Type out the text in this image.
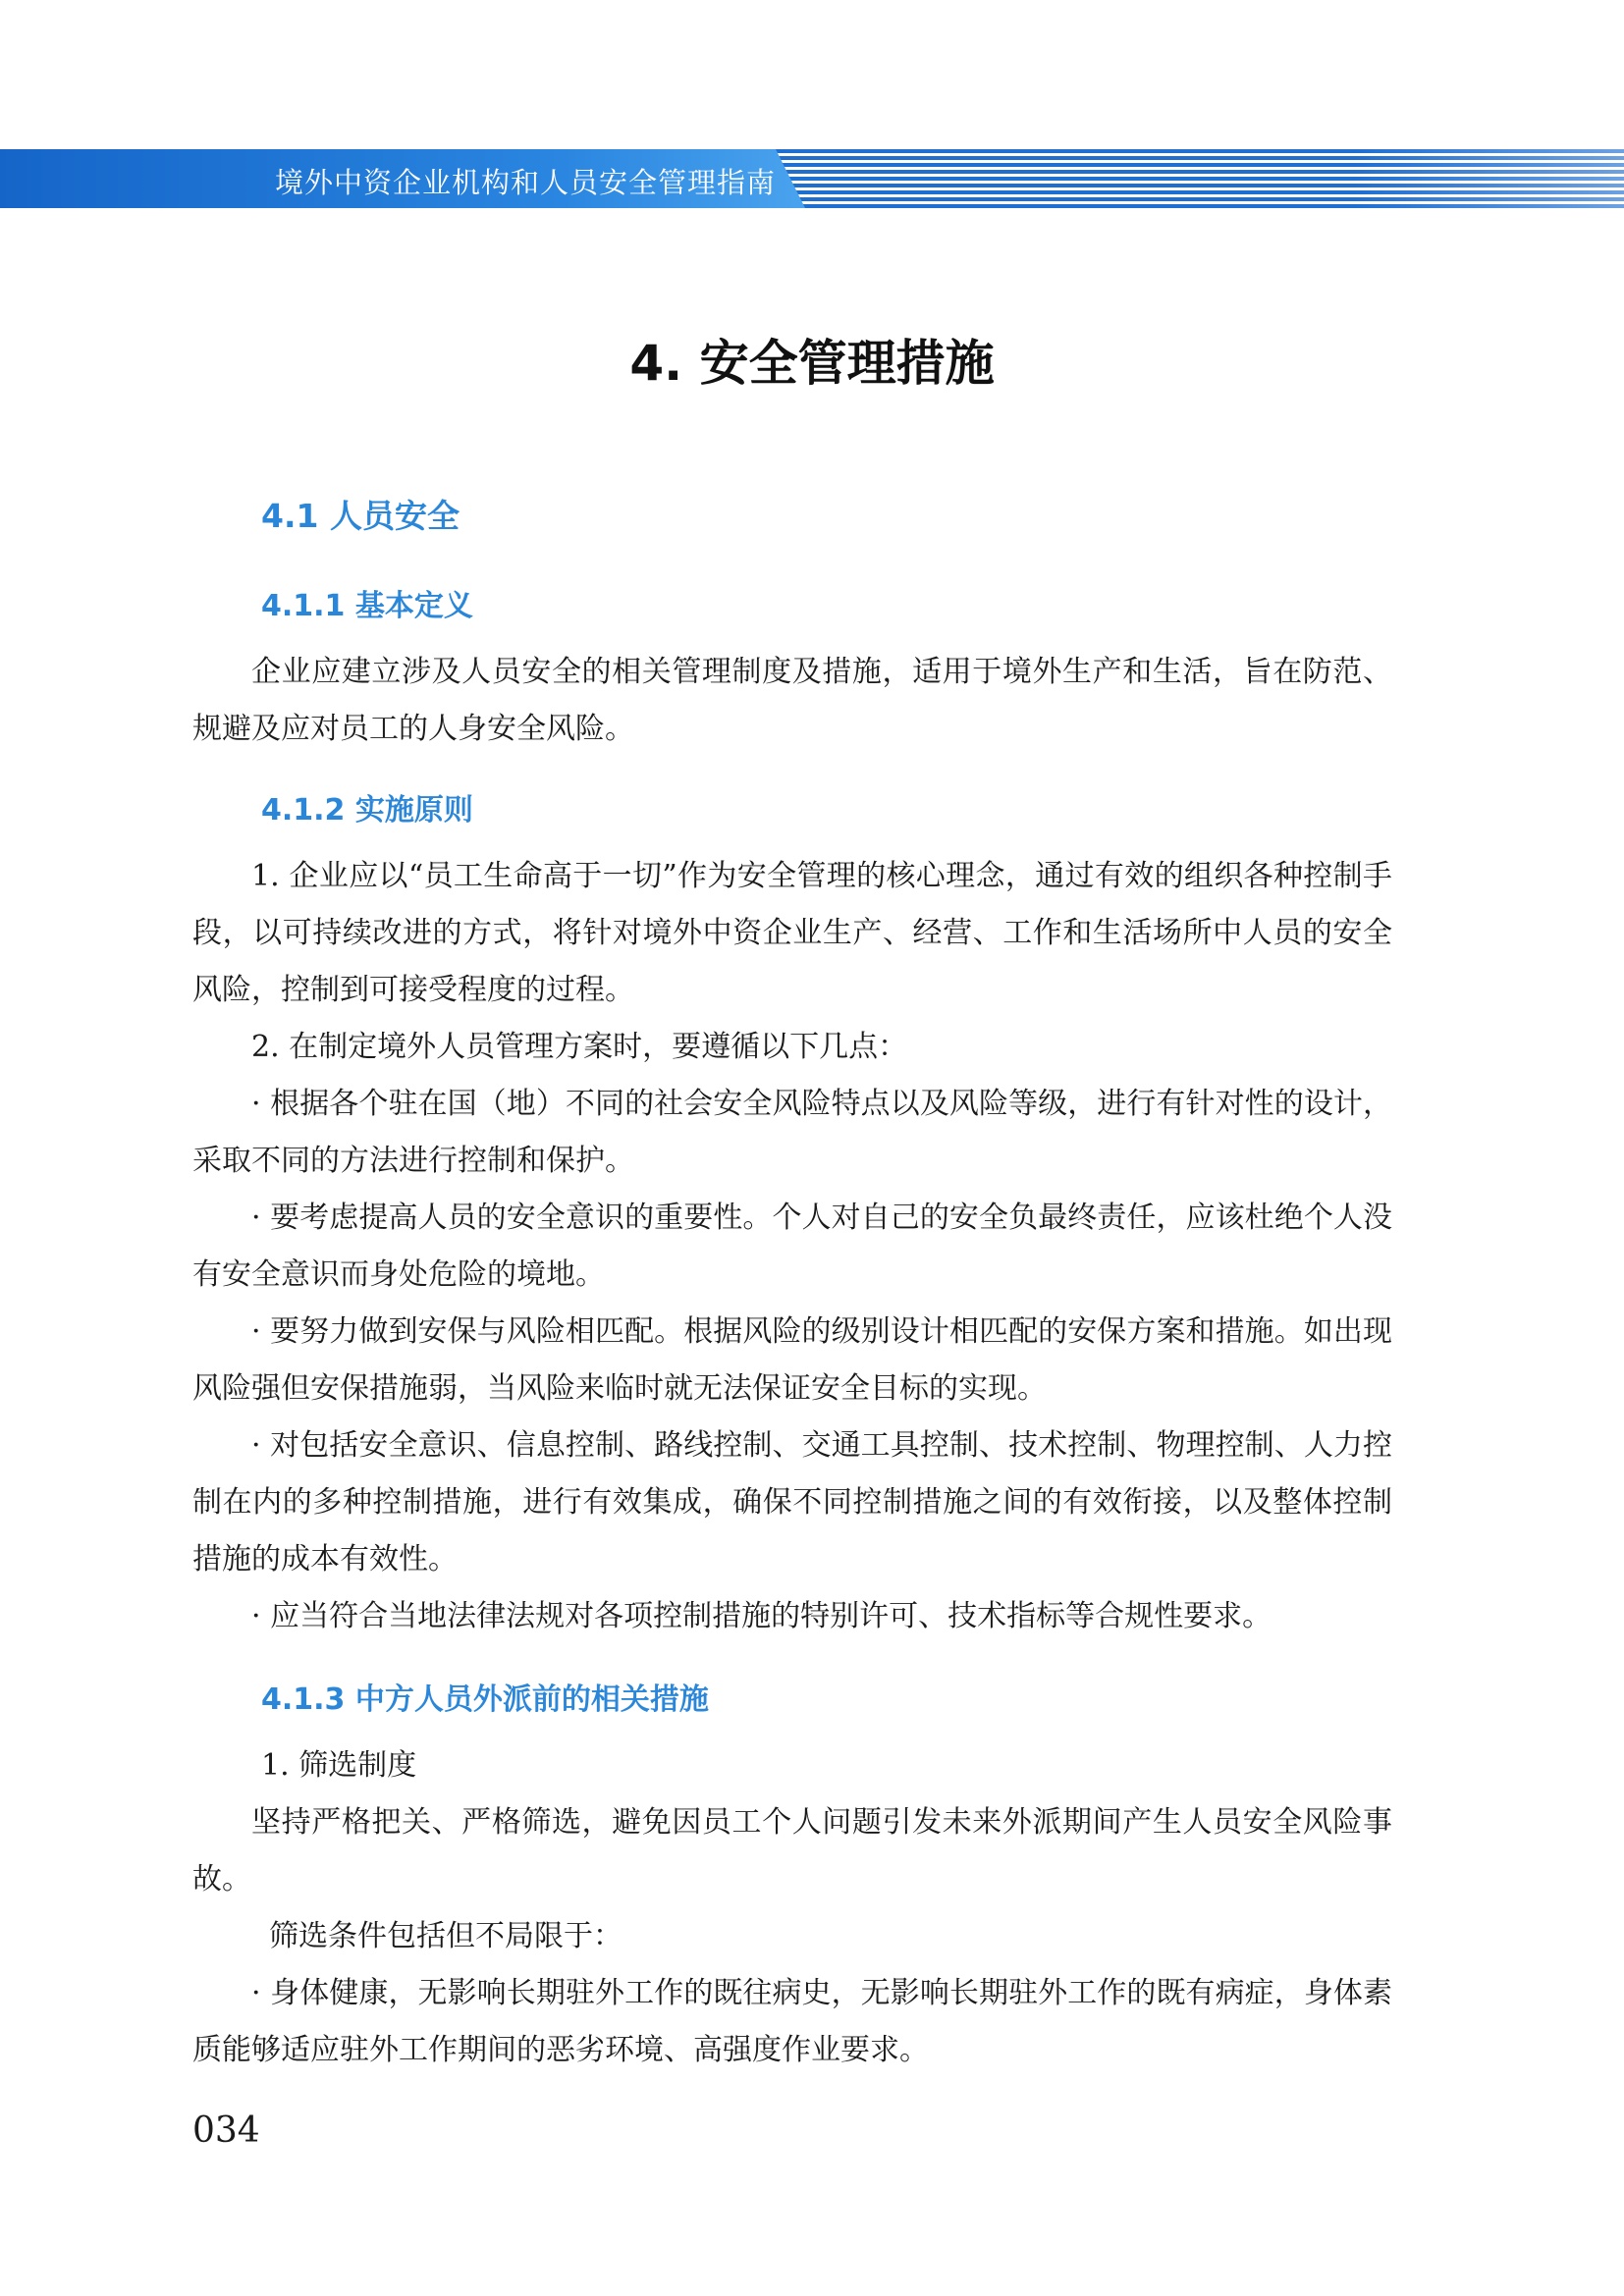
境外中资企业机构和人员安全管理指南
4. 安全管理措施
4.1 人员安全
4.1.1 基本定义

企业应建立涉及人员安全的相关管理制度及措施，适用于境外生产和生活，旨在防范、规避及应对员工的人身安全风险。

4.1.2 实施原则

1. 企业应以“员工生命高于一切”作为安全管理的核心理念，通过有效的组织各种控制手段，以可持续改进的方式，将针对境外中资企业生产、经营、工作和生活场所中人员的安全风险，控制到可接受程度的过程。

2. 在制定境外人员管理方案时，要遵循以下几点：

· 根据各个驻在国（地）不同的社会安全风险特点以及风险等级，进行有针对性的设计，采取不同的方法进行控制和保护。

· 要考虑提高人员的安全意识的重要性。个人对自己的安全负最终责任，应该杜绝个人没有安全意识而身处危险的境地。

· 要努力做到安保与风险相匹配。根据风险的级别设计相匹配的安保方案和措施。如出现风险强但安保措施弱，当风险来临时就无法保证安全目标的实现。

· 对包括安全意识、信息控制、路线控制、交通工具控制、技术控制、物理控制、人力控制在内的多种控制措施，进行有效集成，确保不同控制措施之间的有效衔接，以及整体控制措施的成本有效性。

· 应当符合当地法律法规对各项控制措施的特别许可、技术指标等合规性要求。

4.1.3 中方人员外派前的相关措施

1. 筛选制度

坚持严格把关、严格筛选，避免因员工个人问题引发未来外派期间产生人员安全风险事故。

筛选条件包括但不局限于：

· 身体健康，无影响长期驻外工作的既往病史，无影响长期驻外工作的既有病症，身体素质能够适应驻外工作期间的恶劣环境、高强度作业要求。

034
